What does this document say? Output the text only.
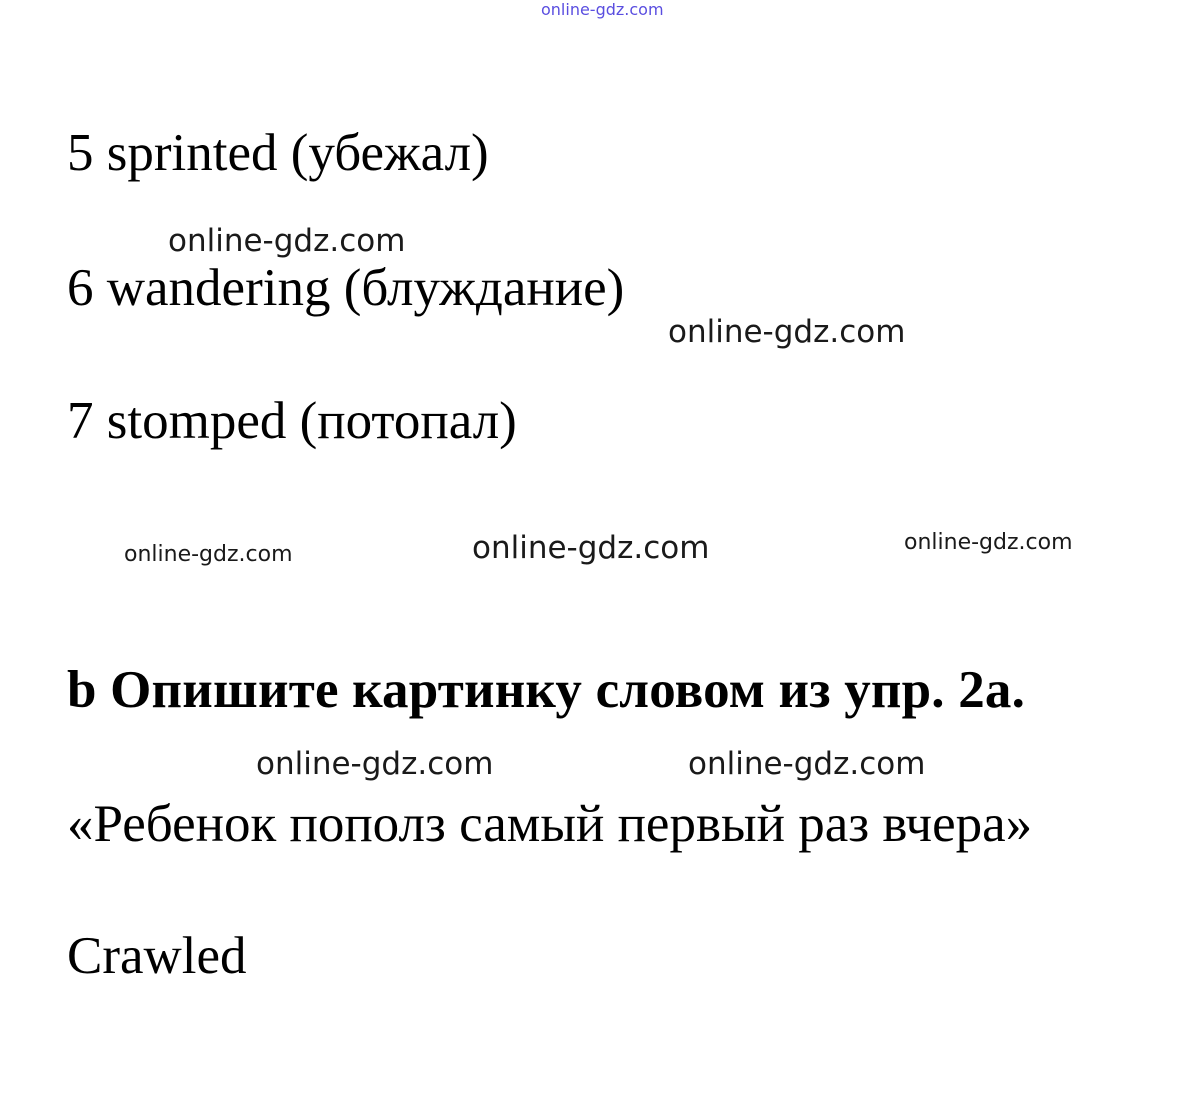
online-gdz.com
5 sprinted (убежал)
online-gdz.com
6 wandering (блуждание)
online-gdz.com
7 stomped (потопал)
online-gdz.com	online-gdz.com	online-gdz.com
b Опишите картинку словом из упр. 2a.
online-gdz.com	online-gdz.com
«Ребенок пополз самый первый раз вчера»
Crawled
